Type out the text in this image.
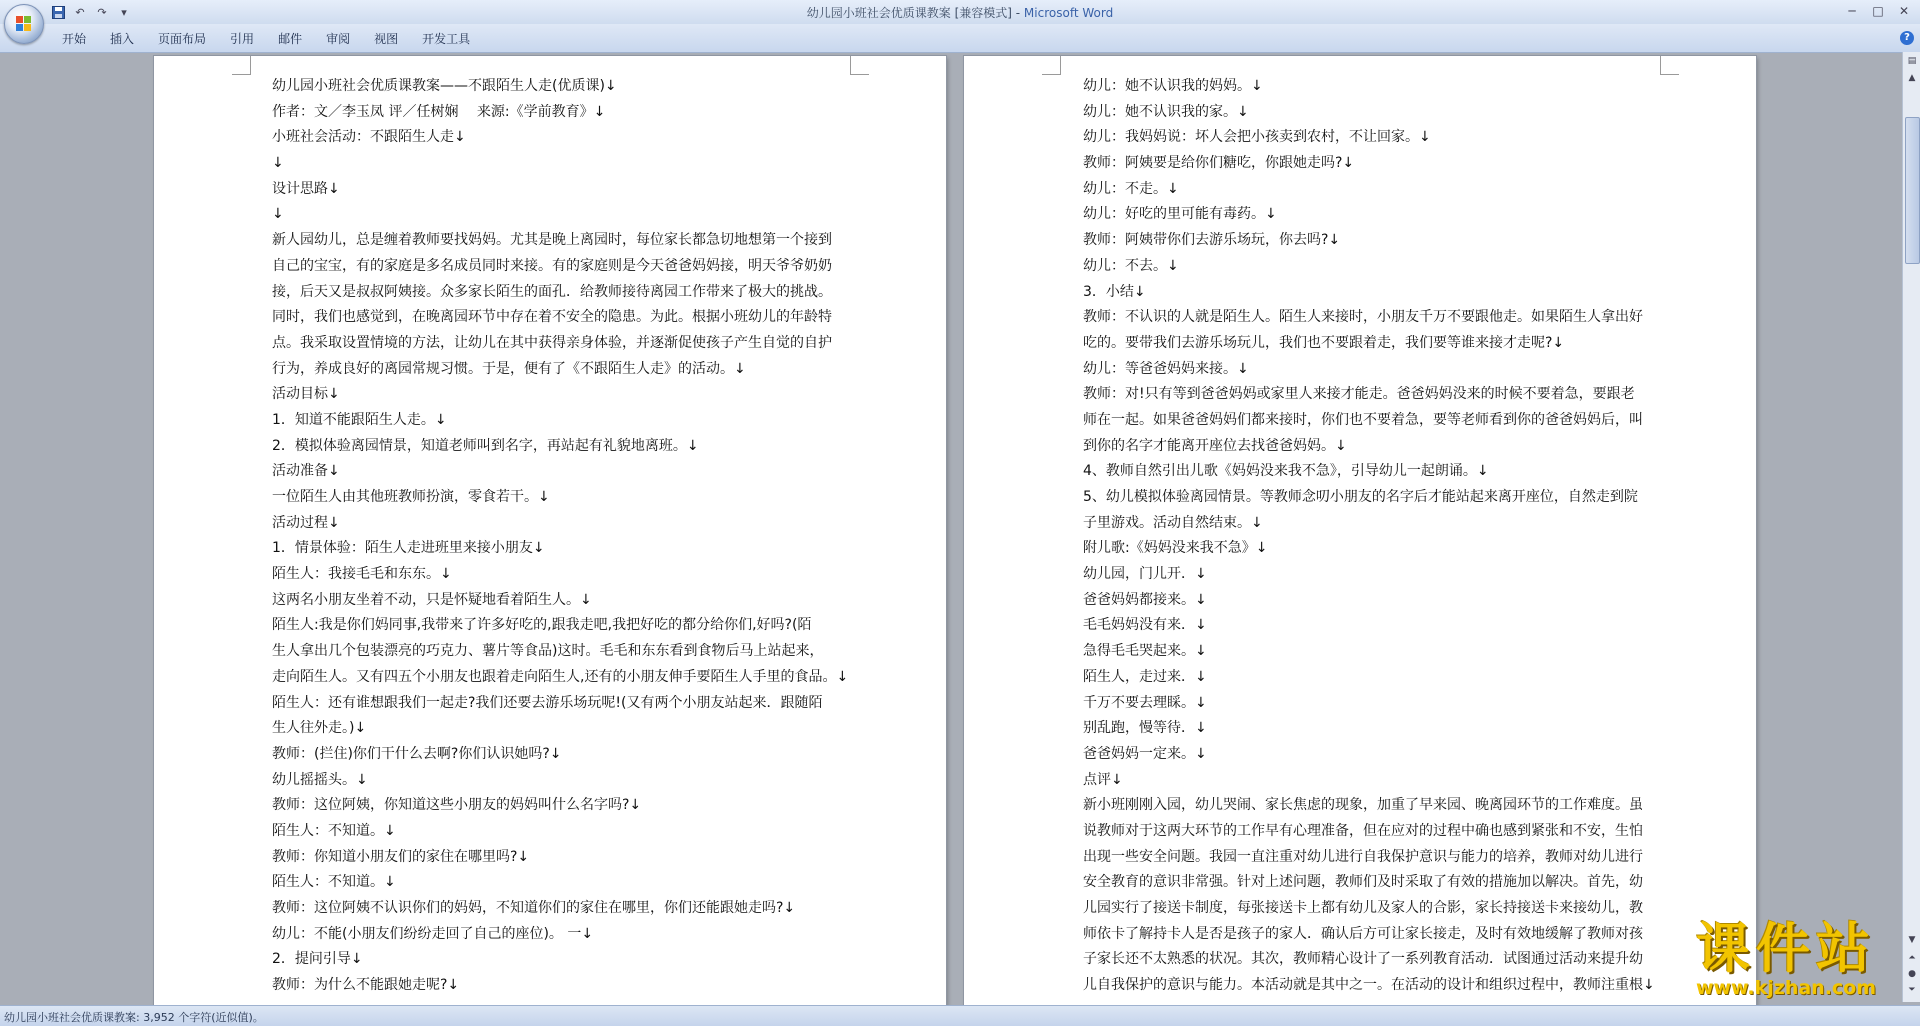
↶	↷	▾	幼儿园小班社会优质课教案 [兼容模式] - Microsoft Word	─	□	✕
开始	插入	页面布局	引用	邮件	审阅	视图	开发工具	?
幼儿园小班社会优质课教案——不跟陌生人走(优质课)↓
作者：文／李玉凤 评／任树娴　 来源:《学前教育》↓
小班社会活动：不跟陌生人走↓
↓
设计思路↓
↓
新人园幼儿，总是缠着教师要找妈妈。尤其是晚上离园时，每位家长都急切地想第一个接到
自己的宝宝，有的家庭是多名成员同时来接。有的家庭则是今天爸爸妈妈接，明天爷爷奶奶
接，后天又是叔叔阿姨接。众多家长陌生的面孔．给教师接待离园工作带来了极大的挑战。
同时，我们也感觉到，在晚离园环节中存在着不安全的隐患。为此。根据小班幼儿的年龄特
点。我采取设置情境的方法，让幼儿在其中获得亲身体验，并逐渐促使孩子产生自觉的自护
行为，养成良好的离园常规习惯。于是，便有了《不跟陌生人走》的活动。↓
活动目标↓
1．知道不能跟陌生人走。↓
2．模拟体验离园情景，知道老师叫到名字，再站起有礼貌地离班。↓
活动准备↓
一位陌生人由其他班教师扮演，零食若干。↓
活动过程↓
1．情景体验：陌生人走进班里来接小朋友↓
陌生人：我接毛毛和东东。↓
这两名小朋友坐着不动，只是怀疑地看着陌生人。↓
陌生人:我是你们妈同事,我带来了许多好吃的,跟我走吧,我把好吃的都分给你们,好吗?(陌
生人拿出几个包装漂亮的巧克力、薯片等食品)这时。毛毛和东东看到食物后马上站起来，
走向陌生人。又有四五个小朋友也跟着走向陌生人,还有的小朋友伸手要陌生人手里的食品。↓
陌生人：还有谁想跟我们一起走?我们还要去游乐场玩呢!(又有两个小朋友站起来．跟随陌
生人往外走。)↓
教师：(拦住)你们干什么去啊?你们认识她吗?↓
幼儿摇摇头。↓
教师：这位阿姨，你知道这些小朋友的妈妈叫什么名字吗?↓
陌生人：不知道。↓
教师：你知道小朋友们的家住在哪里吗?↓
陌生人：不知道。↓
教师：这位阿姨不认识你们的妈妈，不知道你们的家住在哪里，你们还能跟她走吗?↓
幼儿：不能(小朋友们纷纷走回了自己的座位)。 一↓
2．提问引导↓
教师：为什么不能跟她走呢?↓
幼儿：她不认识我的妈妈。↓
幼儿：她不认识我的家。↓
幼儿：我妈妈说：坏人会把小孩卖到农村，不让回家。↓
教师：阿姨要是给你们糖吃，你跟她走吗?↓
幼儿：不走。↓
幼儿：好吃的里可能有毒药。↓
教师：阿姨带你们去游乐场玩，你去吗?↓
幼儿：不去。↓
3．小结↓
教师：不认识的人就是陌生人。陌生人来接时，小朋友千万不要跟他走。如果陌生人拿出好
吃的。要带我们去游乐场玩儿，我们也不要跟着走，我们要等谁来接才走呢?↓
幼儿：等爸爸妈妈来接。↓
教师：对!只有等到爸爸妈妈或家里人来接才能走。爸爸妈妈没来的时候不要着急，要跟老
师在一起。如果爸爸妈妈们都来接时，你们也不要着急，要等老师看到你的爸爸妈妈后，叫
到你的名字才能离开座位去找爸爸妈妈。↓
4、教师自然引出儿歌《妈妈没来我不急》，引导幼儿一起朗诵。↓
5、幼儿模拟体验离园情景。等教师念叨小朋友的名字后才能站起来离开座位，自然走到院
子里游戏。活动自然结束。↓
附儿歌:《妈妈没来我不急》↓
幼儿园，门儿开．↓
爸爸妈妈都接来。↓
毛毛妈妈没有来．↓
急得毛毛哭起来。↓
陌生人，走过来．↓
千万不要去理睬。↓
别乱跑，慢等待．↓
爸爸妈妈一定来。↓
点评↓
新小班刚刚入园，幼儿哭闹、家长焦虑的现象，加重了早来园、晚离园环节的工作难度。虽
说教师对于这两大环节的工作早有心理准备，但在应对的过程中确也感到紧张和不安，生怕
出现一些安全问题。我园一直注重对幼儿进行自我保护意识与能力的培养，教师对幼儿进行
安全教育的意识非常强。针对上述问题，教师们及时采取了有效的措施加以解决。首先，幼
儿园实行了接送卡制度，每张接送卡上都有幼儿及家人的合影，家长持接送卡来接幼儿，教
师依卡了解持卡人是否是孩子的家人．确认后方可让家长接走，及时有效地缓解了教师对孩
子家长还不太熟悉的状况。其次，教师精心设计了一系列教育活动．试图通过活动来提升幼
儿自我保护的意识与能力。本活动就是其中之一。在活动的设计和组织过程中，教师注重根↓
▤
▲
▼
⏶
●
⏷
幼儿园小班社会优质课教案: 3,952 个字符(近似值)。
课件站
www.kjzhan.com
